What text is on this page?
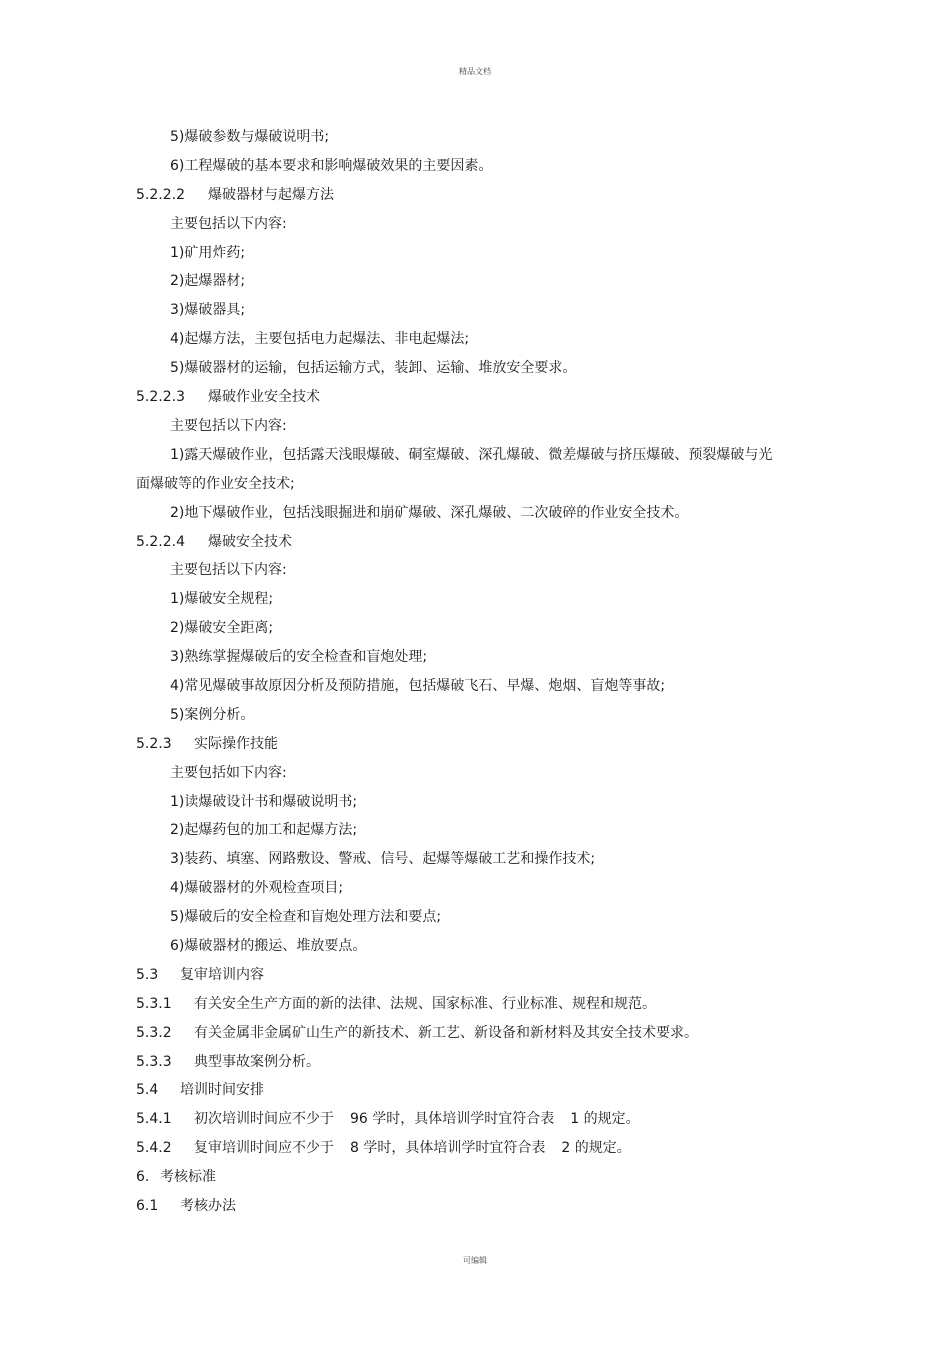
精品文档
5)爆破参数与爆破说明书;
6)工程爆破的基本要求和影响爆破效果的主要因素。
5.2.2.2 爆破器材与起爆方法
主要包括以下内容:
1)矿用炸药;
2)起爆器材;
3)爆破器具;
4)起爆方法，主要包括电力起爆法、非电起爆法;
5)爆破器材的运输，包括运输方式，装卸、运输、堆放安全要求。
5.2.2.3 爆破作业安全技术
主要包括以下内容:
1)露天爆破作业，包括露天浅眼爆破、硐室爆破、深孔爆破、微差爆破与挤压爆破、预裂爆破与光面爆破等的作业安全技术;
2)地下爆破作业，包括浅眼掘进和崩矿爆破、深孔爆破、二次破碎的作业安全技术。
5.2.2.4 爆破安全技术
主要包括以下内容:
1)爆破安全规程;
2)爆破安全距离;
3)熟练掌握爆破后的安全检查和盲炮处理;
4)常见爆破事故原因分析及预防措施，包括爆破飞石、早爆、炮烟、盲炮等事故;
5)案例分析。
5.2.3 实际操作技能
主要包括如下内容:
1)读爆破设计书和爆破说明书;
2)起爆药包的加工和起爆方法;
3)装药、填塞、网路敷设、警戒、信号、起爆等爆破工艺和操作技术;
4)爆破器材的外观检查项目;
5)爆破后的安全检查和盲炮处理方法和要点;
6)爆破器材的搬运、堆放要点。
5.3 复审培训内容
5.3.1 有关安全生产方面的新的法律、法规、国家标准、行业标准、规程和规范。
5.3.2 有关金属非金属矿山生产的新技术、新工艺、新设备和新材料及其安全技术要求。
5.3.3 典型事故案例分析。
5.4 培训时间安排
5.4.1 初次培训时间应不少于 96 学时，具体培训学时宜符合表 1 的规定。
5.4.2 复审培训时间应不少于 8 学时，具体培训学时宜符合表 2 的规定。
6. 考核标准
6.1 考核办法
可编辑
